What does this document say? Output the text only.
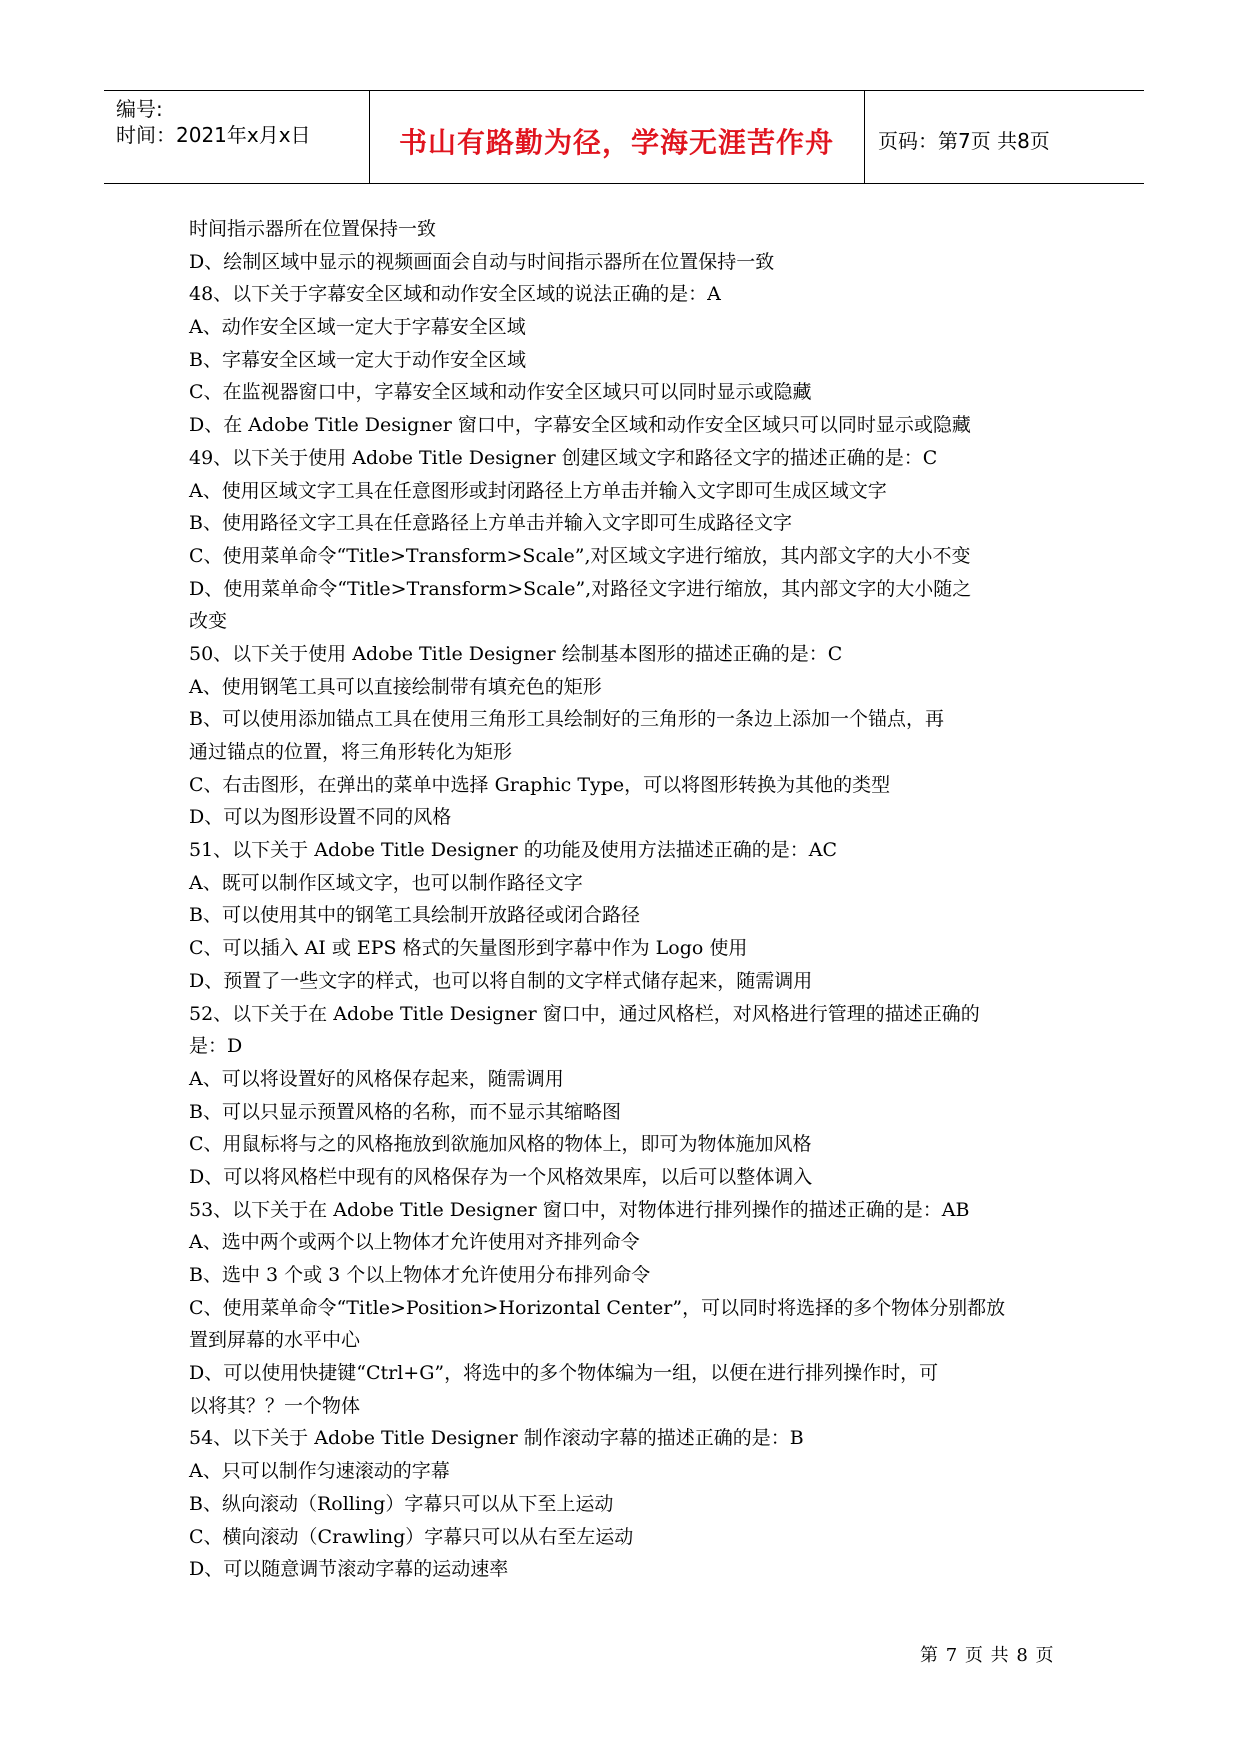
编号:
时间：2021年x月x日	书山有路勤为径，学海无涯苦作舟	页码：第7页 共8页
时间指示器所在位置保持一致
D、绘制区域中显示的视频画面会自动与时间指示器所在位置保持一致
48、以下关于字幕安全区域和动作安全区域的说法正确的是：A
A、动作安全区域一定大于字幕安全区域
B、字幕安全区域一定大于动作安全区域
C、在监视器窗口中，字幕安全区域和动作安全区域只可以同时显示或隐藏
D、在 Adobe Title Designer 窗口中，字幕安全区域和动作安全区域只可以同时显示或隐藏
49、以下关于使用 Adobe Title Designer 创建区域文字和路径文字的描述正确的是：C
A、使用区域文字工具在任意图形或封闭路径上方单击并输入文字即可生成区域文字
B、使用路径文字工具在任意路径上方单击并输入文字即可生成路径文字
C、使用菜单命令“Title>Transform>Scale”,对区域文字进行缩放，其内部文字的大小不变
D、使用菜单命令“Title>Transform>Scale”,对路径文字进行缩放，其内部文字的大小随之
改变
50、以下关于使用 Adobe Title Designer 绘制基本图形的描述正确的是：C
A、使用钢笔工具可以直接绘制带有填充色的矩形
B、可以使用添加锚点工具在使用三角形工具绘制好的三角形的一条边上添加一个锚点，再
通过锚点的位置，将三角形转化为矩形
C、右击图形，在弹出的菜单中选择 Graphic Type，可以将图形转换为其他的类型
D、可以为图形设置不同的风格
51、以下关于 Adobe Title Designer 的功能及使用方法描述正确的是：AC
A、既可以制作区域文字，也可以制作路径文字
B、可以使用其中的钢笔工具绘制开放路径或闭合路径
C、可以插入 AI 或 EPS 格式的矢量图形到字幕中作为 Logo 使用
D、预置了一些文字的样式，也可以将自制的文字样式储存起来，随需调用
52、以下关于在 Adobe Title Designer 窗口中，通过风格栏，对风格进行管理的描述正确的
是：D
A、可以将设置好的风格保存起来，随需调用
B、可以只显示预置风格的名称，而不显示其缩略图
C、用鼠标将与之的风格拖放到欲施加风格的物体上，即可为物体施加风格
D、可以将风格栏中现有的风格保存为一个风格效果库，以后可以整体调入
53、以下关于在 Adobe Title Designer 窗口中，对物体进行排列操作的描述正确的是：AB
A、选中两个或两个以上物体才允许使用对齐排列命令
B、选中 3 个或 3 个以上物体才允许使用分布排列命令
C、使用菜单命令“Title>Position>Horizontal Center”，可以同时将选择的多个物体分别都放
置到屏幕的水平中心
D、可以使用快捷键“Ctrl+G”，将选中的多个物体编为一组，以便在进行排列操作时，可
以将其？？一个物体
54、以下关于 Adobe Title Designer 制作滚动字幕的描述正确的是：B
A、只可以制作匀速滚动的字幕
B、纵向滚动（Rolling）字幕只可以从下至上运动
C、横向滚动（Crawling）字幕只可以从右至左运动
D、可以随意调节滚动字幕的运动速率
第 7 页 共 8 页
